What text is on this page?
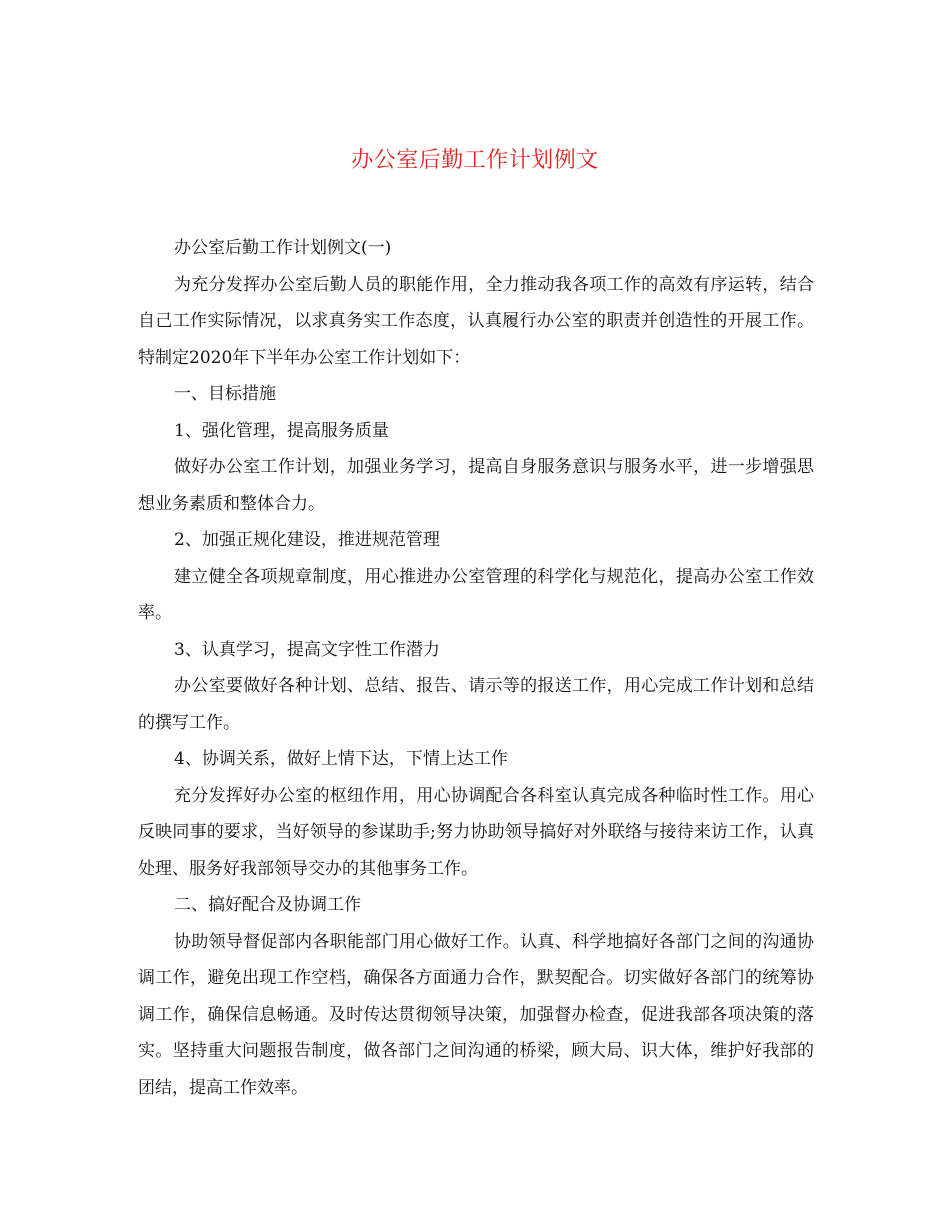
办公室后勤工作计划例文

办公室后勤工作计划例文(一)

为充分发挥办公室后勤人员的职能作用，全力推动我各项工作的高效有序运转，结合自己工作实际情况，以求真务实工作态度，认真履行办公室的职责并创造性的开展工作。特制定2020年下半年办公室工作计划如下：

一、目标措施

1、强化管理，提高服务质量

做好办公室工作计划，加强业务学习，提高自身服务意识与服务水平，进一步增强思想业务素质和整体合力。

2、加强正规化建设，推进规范管理

建立健全各项规章制度，用心推进办公室管理的科学化与规范化，提高办公室工作效率。

3、认真学习，提高文字性工作潜力

办公室要做好各种计划、总结、报告、请示等的报送工作，用心完成工作计划和总结的撰写工作。

4、协调关系，做好上情下达，下情上达工作

充分发挥好办公室的枢纽作用，用心协调配合各科室认真完成各种临时性工作。用心反映同事的要求，当好领导的参谋助手;努力协助领导搞好对外联络与接待来访工作，认真处理、服务好我部领导交办的其他事务工作。

二、搞好配合及协调工作

协助领导督促部内各职能部门用心做好工作。认真、科学地搞好各部门之间的沟通协调工作，避免出现工作空档，确保各方面通力合作，默契配合。切实做好各部门的统筹协调工作，确保信息畅通。及时传达贯彻领导决策，加强督办检查，促进我部各项决策的落实。坚持重大问题报告制度，做各部门之间沟通的桥梁，顾大局、识大体，维护好我部的团结，提高工作效率。
